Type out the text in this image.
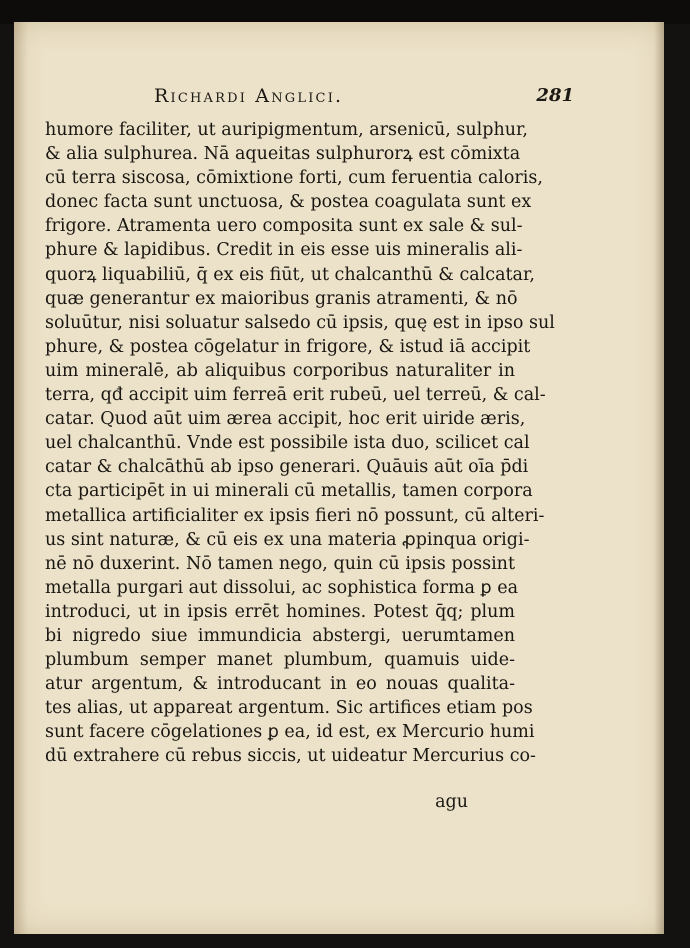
Richardi Anglici.	281
humore faciliter, ut auripigmentum, arsenicū, sulphur,
& alia sulphurea. Nā aqueitas sulphurorꝝ est cōmixta
cū terra siscosa, cōmixtione forti, cum feruentia caloris,
donec facta sunt unctuosa, & postea coagulata sunt ex
frigore. Atramenta uero composita sunt ex sale & sul-
phure & lapidibus. Credit in eis esse uis mineralis ali-
quorꝝ liquabiliū, q̄ ex eis fiūt, ut chalcanthū & calcatar,
quæ generantur ex maioribus granis atramenti, & nō
soluūtur, nisi soluatur salsedo cū ipsis, quę est in ipso sul
phure, & postea cōgelatur in frigore, & istud iā accipit
uim mineralē, ab aliquibus corporibus naturaliter in
terra, qđ accipit uim ferreā erit rubeū, uel terreū, & cal-
catar. Quod aūt uim ærea accipit, hoc erit uiride æris,
uel chalcanthū. Vnde est possibile ista duo, scilicet cal
catar & chalcāthū ab ipso generari. Quāuis aūt oīa p̄di
cta participēt in ui minerali cū metallis, tamen corpora
metallica artificialiter ex ipsis fieri nō possunt, cū alteri-
us sint naturæ, & cū eis ex una materia ꝓpinqua origi-
nē nō duxerint. Nō tamen nego, quin cū ipsis possint
metalla purgari aut dissolui, ac sophistica forma ꝑ ea
introduci, ut in ipsis errēt homines. Potest q̄q; plum
bi nigredo siue immundicia abstergi, uerumtamen
plumbum semper manet plumbum, quamuis uide-
atur argentum, & introducant in eo nouas qualita-
tes alias, ut appareat argentum. Sic artifices etiam pos
sunt facere cōgelationes ꝑ ea, id est, ex Mercurio humi
dū extrahere cū rebus siccis, ut uideatur Mercurius co-
agu
